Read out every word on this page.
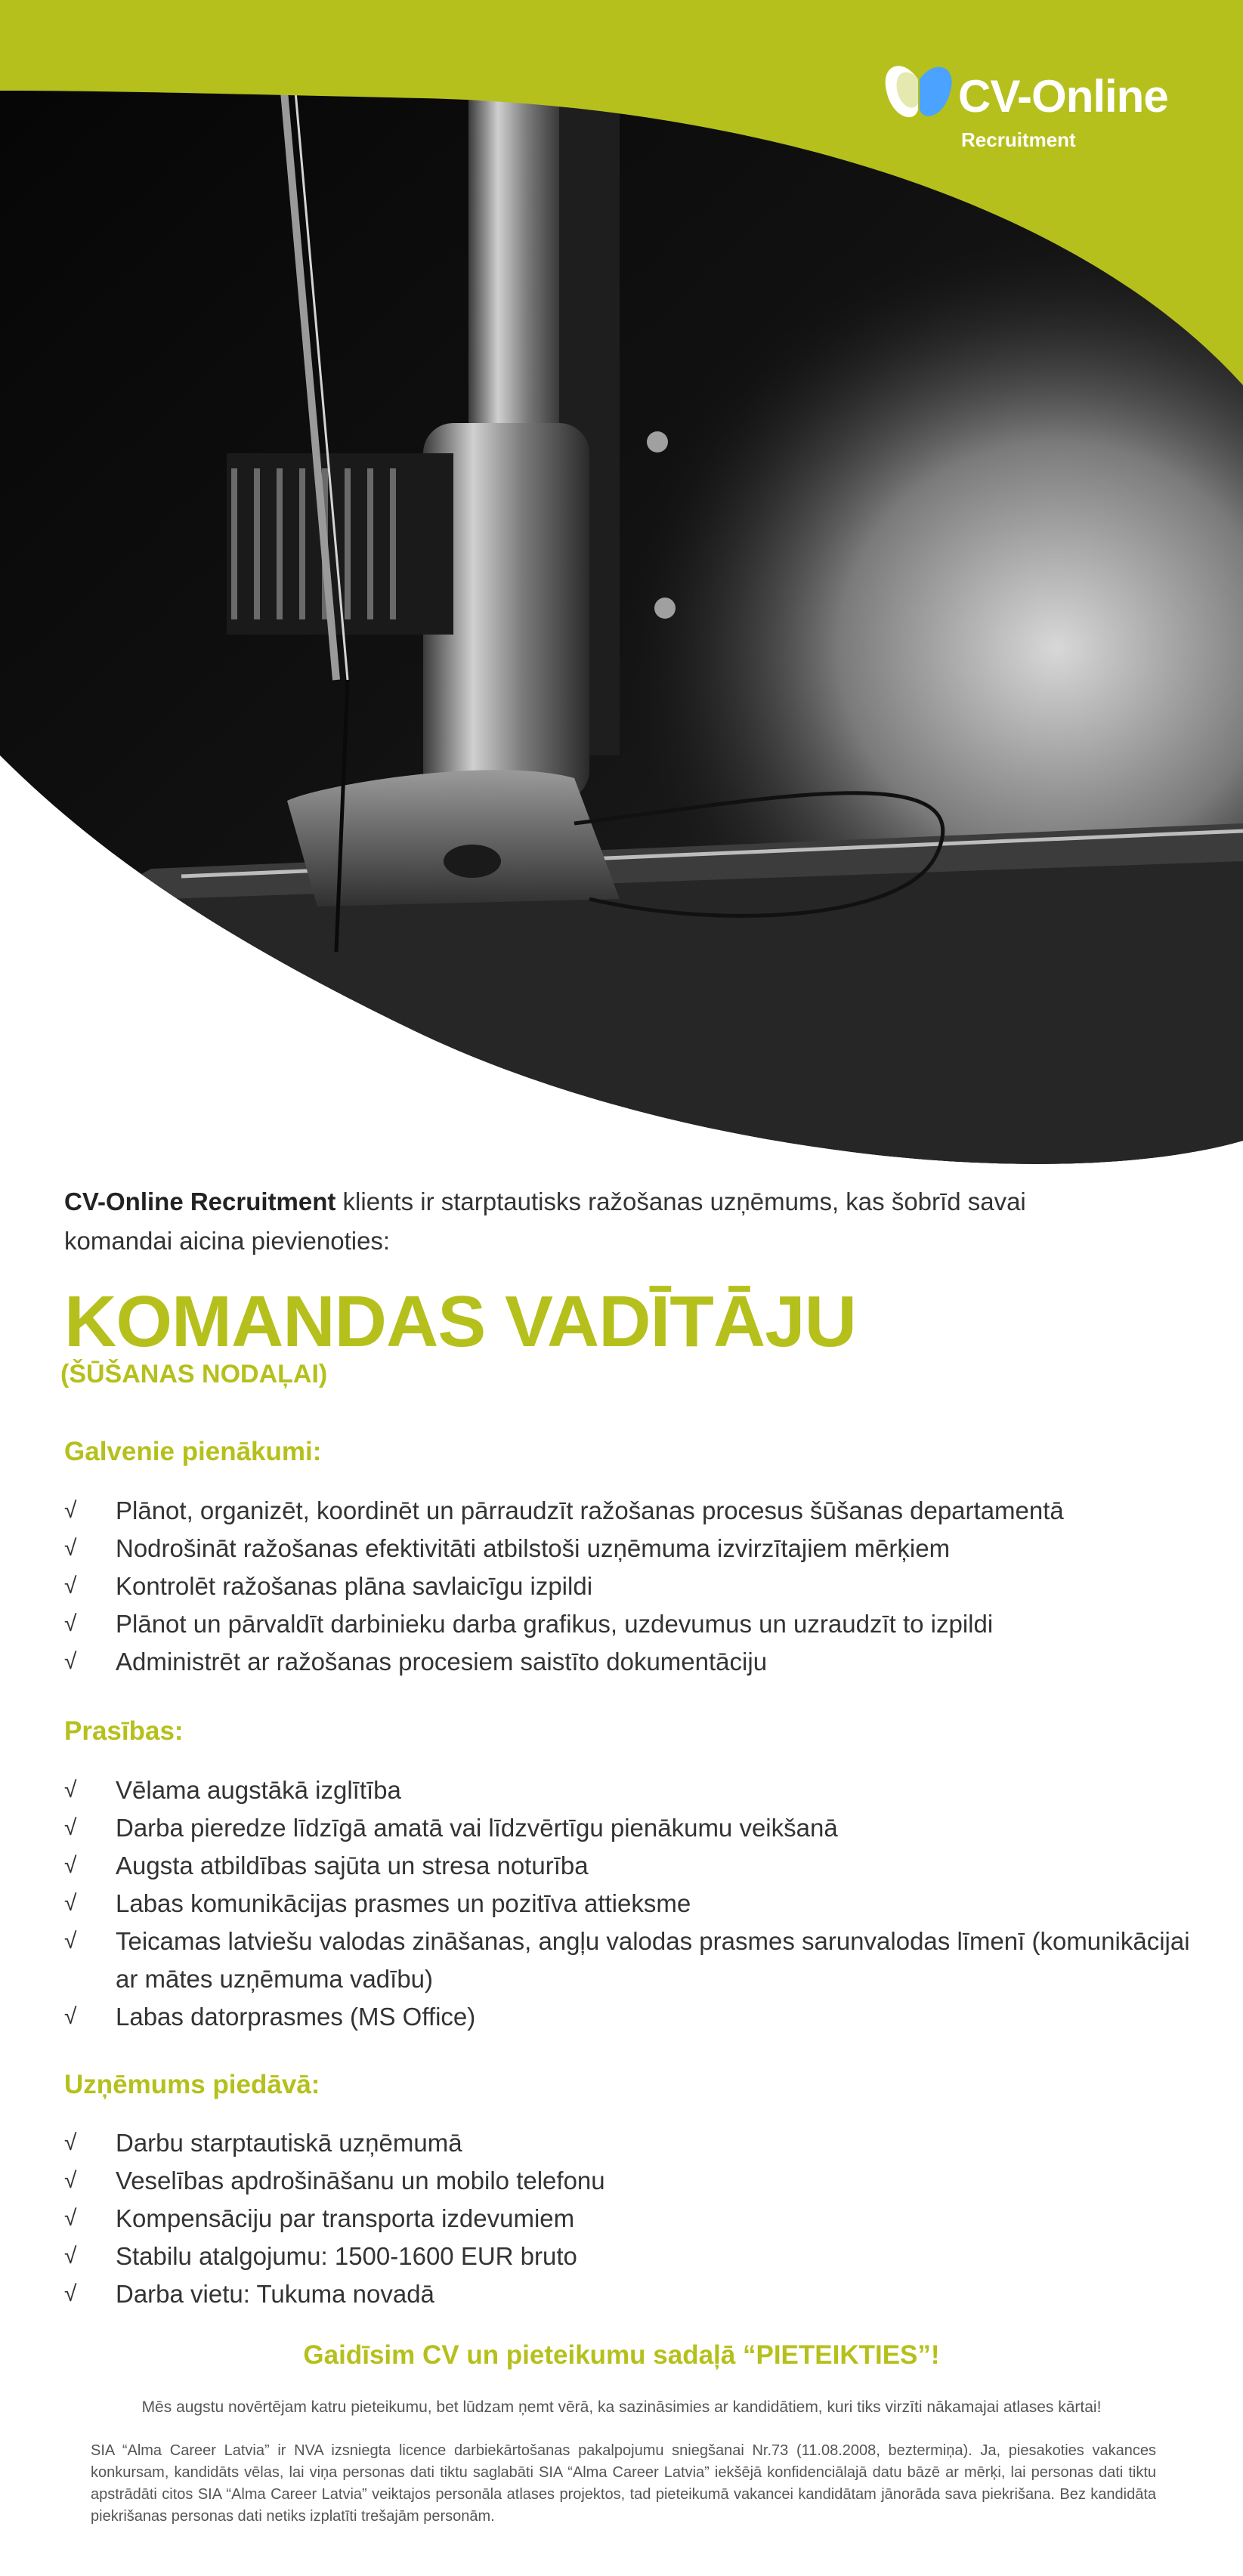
CV-Online
Recruitment
CV-Online Recruitment klients ir starptautisks ražošanas uzņēmums, kas šobrīd savai komandai aicina pievienoties:
KOMANDAS VADĪTĀJU
(ŠŪŠANAS NODAĻAI)
Galvenie pienākumi:
√ Plānot, organizēt, koordinēt un pārraudzīt ražošanas procesus šūšanas departamentā
√ Nodrošināt ražošanas efektivitāti atbilstoši uzņēmuma izvirzītajiem mērķiem
√ Kontrolēt ražošanas plāna savlaicīgu izpildi
√ Plānot un pārvaldīt darbinieku darba grafikus, uzdevumus un uzraudzīt to izpildi
√ Administrēt ar ražošanas procesiem saistīto dokumentāciju
Prasības:
√ Vēlama augstākā izglītība
√ Darba pieredze līdzīgā amatā vai līdzvērtīgu pienākumu veikšanā
√ Augsta atbildības sajūta un stresa noturība
√ Labas komunikācijas prasmes un pozitīva attieksme
√ Teicamas latviešu valodas zināšanas, angļu valodas prasmes sarunvalodas līmenī (komunikācijai ar mātes uzņēmuma vadību)
√ Labas datorprasmes (MS Office)
Uzņēmums piedāvā:
√ Darbu starptautiskā uzņēmumā
√ Veselības apdrošināšanu un mobilo telefonu
√ Kompensāciju par transporta izdevumiem
√ Stabilu atalgojumu: 1500-1600 EUR bruto
√ Darba vietu: Tukuma novadā
Gaidīsim CV un pieteikumu sadaļā “PIETEIKTIES”!
Mēs augstu novērtējam katru pieteikumu, bet lūdzam ņemt vērā, ka sazināsimies ar kandidātiem, kuri tiks virzīti nākamajai atlases kārtai!
SIA “Alma Career Latvia” ir NVA izsniegta licence darbiekārtošanas pakalpojumu sniegšanai Nr.73 (11.08.2008, beztermiņa). Ja, piesakoties vakances konkursam, kandidāts vēlas, lai viņa personas dati tiktu saglabāti SIA “Alma Career Latvia” iekšējā konfidenciālajā datu bāzē ar mērķi, lai personas dati tiktu apstrādāti citos SIA “Alma Career Latvia” veiktajos personāla atlases projektos, tad pieteikumā vakancei kandidātam jānorāda sava piekrišana. Bez kandidāta piekrišanas personas dati netiks izplatīti trešajām personām.
